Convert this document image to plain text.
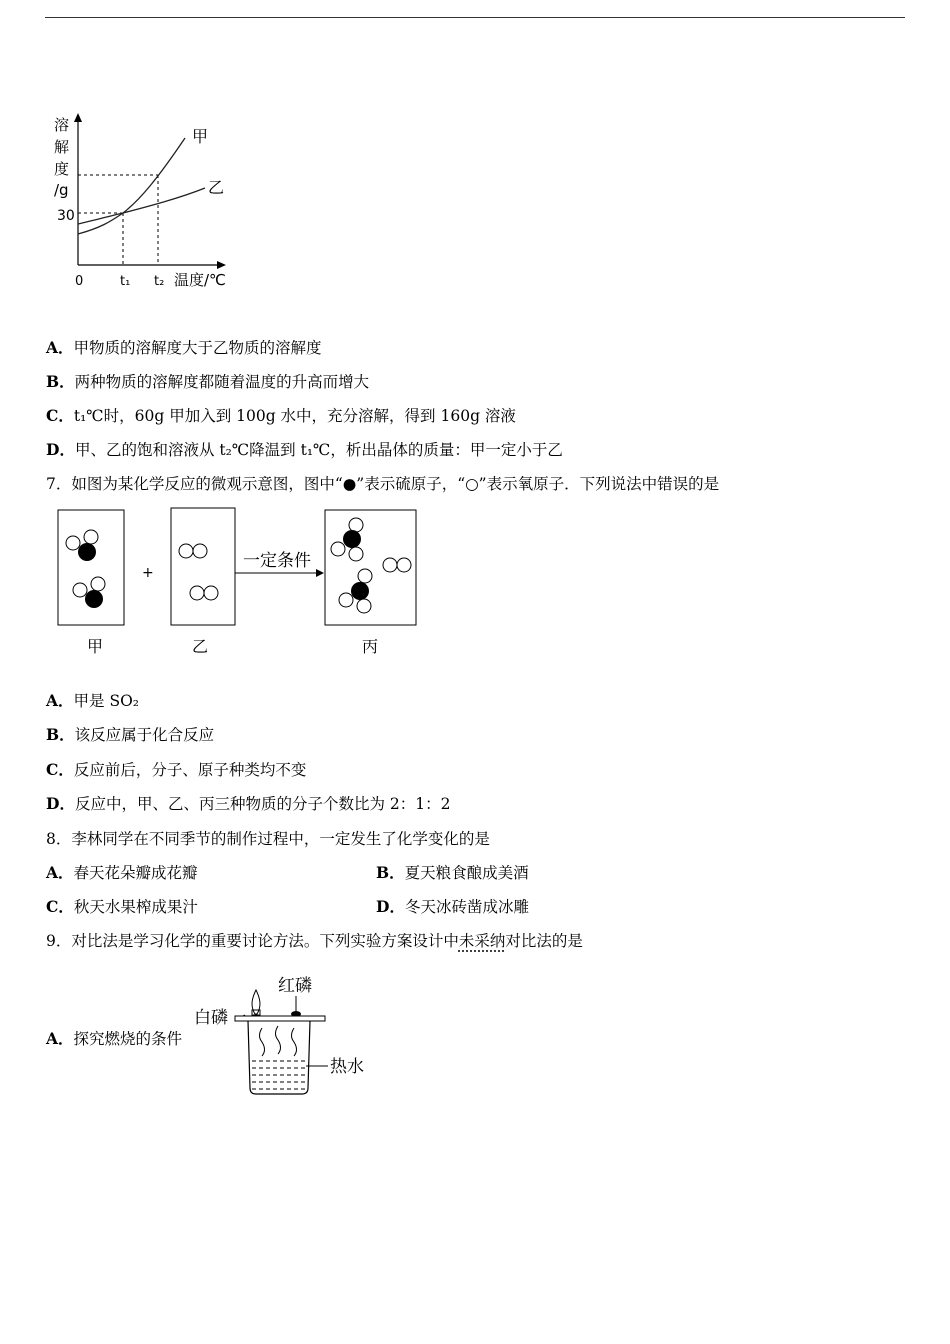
溶
解
度
/g
30
0	t₁ t₂ 温度/℃
甲
乙
A．甲物质的溶解度大于乙物质的溶解度
B．两种物质的溶解度都随着温度的升高而增大
C．t₁℃时，60g 甲加入到 100g 水中，充分溶解，得到 160g 溶液
D．甲、乙的饱和溶液从 t₂℃降温到 t₁℃，析出晶体的质量：甲一定小于乙
7．如图为某化学反应的微观示意图，图中“●”表示硫原子，“○”表示氧原子．下列说法中错误的是
+
一定条件
甲	乙	丙
A．甲是 SO₂
B．该反应属于化合反应
C．反应前后，分子、原子种类均不变
D．反应中，甲、乙、丙三种物质的分子个数比为 2：1：2
8．李林同学在不同季节的制作过程中，一定发生了化学变化的是
A．春天花朵瓣成花瓣	B．夏天粮食酿成美酒
C．秋天水果榨成果汁	D．冬天冰砖凿成冰雕
9．对比法是学习化学的重要讨论方法。下列实验方案设计中未采纳对比法的是
A．探究燃烧的条件
红磷
白磷
热水
